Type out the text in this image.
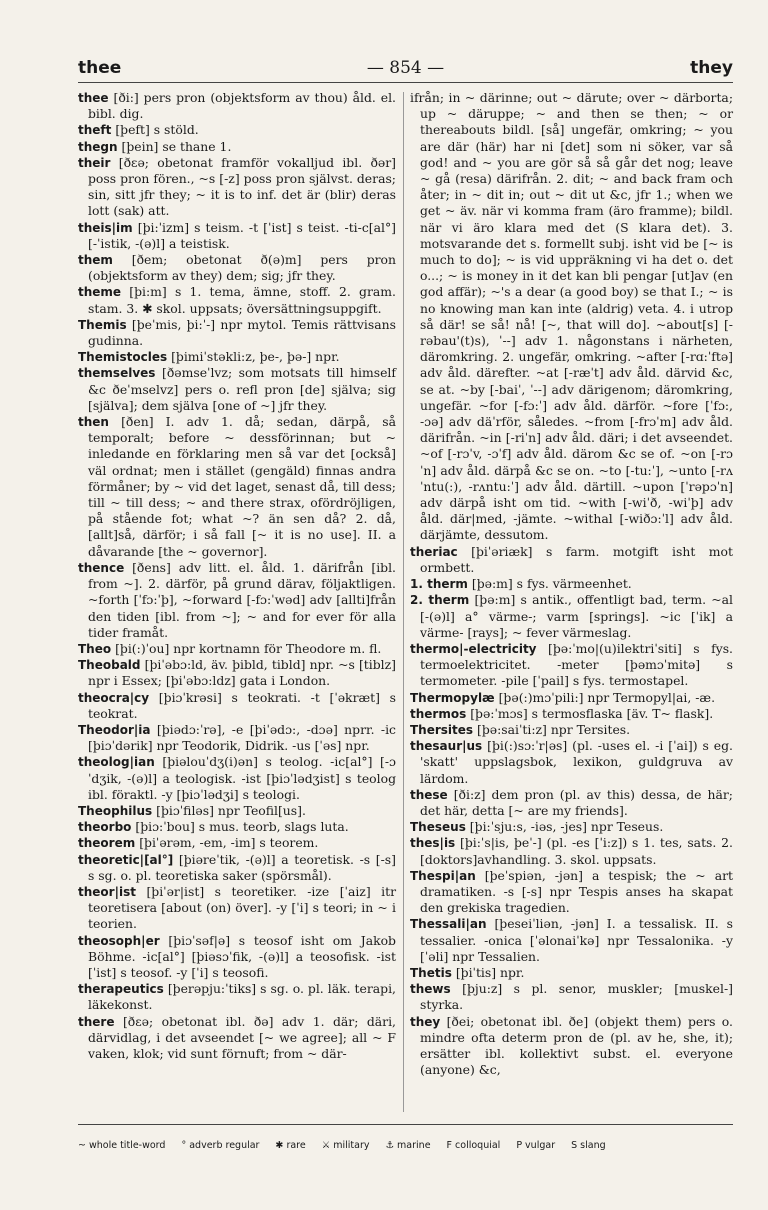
thee	— 854 —	they

thee [ði:] pers pron (objektsform av thou) åld. el. bibl. dig.

theft [þeft] s stöld.

thegn [þein] se thane 1.

their [ðɛə; obetonat framför vokalljud ibl. ðər] poss pron fören., ~s [-z] poss pron självst. deras; sin, sitt jfr they; ~ it is to inf. det är (blir) deras lott (sak) att.

theis|im [þi:ˈizm] s teism. -t [ˈist] s teist. -ti-c[al°] [-ˈistik, -(ə)l] a teistisk.

them [ðem; obetonat ð(ə)m] pers pron (objektsform av they) dem; sig; jfr they.

theme [þi:m] s 1. tema, ämne, stoff. 2. gram. stam. 3. ✱ skol. uppsats; översättningsuppgift.

Themis [þeˈmis, þi:ˈ-] npr mytol. Temis rättvisans gudinna.

Themistocles [þimiˈstəkli:z, þe-, þə-] npr.

themselves [ðəmseˈlvz; som motsats till himself &c ðeˈmselvz] pers o. refl pron [de] själva; sig [själva]; dem själva [one of ~] jfr they.

then [ðen] I. adv 1. då; sedan, därpå, så temporalt; before ~ dessförinnan; but ~ inledande en förklaring men så var det [också] väl ordnat; men i stället (gengäld) finnas andra förmåner; by ~ vid det laget, senast då, till dess; till ~ till dess; ~ and there strax, ofördröjligen, på stående fot; what ~? än sen då? 2. då, [allt]så, därför; i så fall [~ it is no use]. II. a dåvarande [the ~ governor].

thence [ðens] adv litt. el. åld. 1. därifrån [ibl. from ~]. 2. därför, på grund därav, följaktligen. ~forth [ˈfɔ:ˈþ], ~forward [-fɔ:ˈwəd] adv [allti]från den tiden [ibl. from ~]; ~ and for ever för alla tider framåt.

Theo [þi(:)ˈou] npr kortnamn för Theodore m. fl.

Theobald [þiˈəbɔ:ld, äv. þibld, tibld] npr. ~s [tiblz] npr i Essex; [þiˈəbɔ:ldz] gata i London.

theocra|cy [þiɔˈkrəsi] s teokrati. -t [ˈəkræt] s teokrat.

Theodor|ia [þiədɔ:ˈrə], -e [þiˈədɔ:, -dɔə] nprr. -ic [þiɔˈdərik] npr Teodorik, Didrik. -us [ˈəs] npr.

theolog|ian [þiəlouˈdʒ(i)ən] s teolog. -ic[al°] [-ɔˈdʒik, -(ə)l] a teologisk. -ist [þiɔˈlədʒist] s teolog ibl. föraktl. -y [þiɔˈlədʒi] s teologi.

Theophilus [þiɔˈfiləs] npr Teofil[us].

theorbo [þiɔ:ˈbou] s mus. teorb, slags luta.

theorem [þiˈərəm, -em, -im] s teorem.

theoretic|[al°] [þiəreˈtik, -(ə)l] a teoretisk. -s [-s] s sg. o. pl. teoretiska saker (spörsmål).

theor|ist [þiˈər|ist] s teoretiker. -ize [ˈaiz] itr teoretisera [about (on) över]. -y [ˈi] s teori; in ~ i teorien.

theosoph|er [þiɔˈsəf|ə] s teosof isht om Jakob Böhme. -ic[al°] [þiəsɔˈfik, -(ə)l] a teosofisk. -ist [ˈist] s teosof. -y [ˈi] s teosofi.

therapeutics [þerəpju:ˈtiks] s sg. o. pl. läk. terapi, läkekonst.

there [ðɛə; obetonat ibl. ðə] adv 1. där; däri, därvidlag, i det avseendet [~ we agree]; all ~ F vaken, klok; vid sunt förnuft; from ~ där-

ifrån; in ~ därinne; out ~ därute; over ~ därborta; up ~ däruppe; ~ and then se then; ~ or thereabouts bildl. [så] ungefär, omkring; ~ you are där (här) har ni [det] som ni söker, var så god! and ~ you are gör så så går det nog; leave ~ gå (resa) därifrån. 2. dit; ~ and back fram och åter; in ~ dit in; out ~ dit ut &c, jfr 1.; when we get ~ äv. när vi komma fram (äro framme); bildl. när vi äro klara med det (S klara det). 3. motsvarande det s. formellt subj. isht vid be [~ is much to do]; ~ is vid uppräkning vi ha det o. det o...; ~ is money in it det kan bli pengar [ut]av (en god affär); ~'s a dear (a good boy) se that I.; ~ is no knowing man kan inte (aldrig) veta. 4. i utrop så där! se så! nå! [~, that will do]. ~about[s] [-rəbau'(t)s), ˈ--] adv 1. någonstans i närheten, däromkring. 2. ungefär, omkring. ~after [-rɑ:ˈftə] adv åld. därefter. ~at [-ræˈt] adv åld. därvid &c, se at. ~by [-baiˈ, ˈ--] adv därigenom; däromkring, ungefär. ~for [-fɔ:ˈ] adv åld. därför. ~fore [ˈfɔ:, -ɔə] adv däˈrför, således. ~from [-frɔˈm] adv åld. därifrån. ~in [-riˈn] adv åld. däri; i det avseendet. ~of [-rɔˈv, -ɔˈf] adv åld. därom &c se of. ~on [-rɔˈn] adv åld. därpå &c se on. ~to [-tu:ˈ], ~unto [-rʌˈntu(:), -rʌntu:ˈ] adv åld. därtill. ~upon [ˈrəpɔˈn] adv därpå isht om tid. ~with [-wiˈð, -wiˈþ] adv åld. där|med, -jämte. ~withal [-wiðɔ:ˈl] adv åld. därjämte, dessutom.

theriac [þiˈəriæk] s farm. motgift isht mot ormbett.

1. therm [þə:m] s fys. värmeenhet.

2. therm [þə:m] s antik., offentligt bad, term. ~al [-(ə)l] a° värme-; varm [springs]. ~ic [ˈik] a värme- [rays]; ~ fever värmeslag.

thermo|-electricity [þə:ˈmo|(u)ilektriˈsiti] s fys. termoelektricitet. -meter [þəmɔˈmitə] s termometer. -pile [ˈpail] s fys. termostapel.

Thermopylæ [þə(:)mɔˈpili:] npr Termopyl|ai, -æ.

thermos [þə:ˈmɔs] s termosflaska [äv. T~ flask].

Thersites [þə:saiˈti:z] npr Tersites.

thesaur|us [þi(:)sɔ:ˈr|əs] (pl. -uses el. -i [ˈai]) s eg. 'skatt' uppslagsbok, lexikon, guldgruva av lärdom.

these [ði:z] dem pron (pl. av this) dessa, de här; det här, detta [~ are my friends].

Theseus [þi:ˈsju:s, -iəs, -jes] npr Teseus.

thes|is [þi:ˈs|is, þeˈ-] (pl. -es [ˈi:z]) s 1. tes, sats. 2. [doktors]avhandling. 3. skol. uppsats.

Thespi|an [þeˈspiən, -jən] a tespisk; the ~ art dramatiken. -s [-s] npr Tespis anses ha skapat den grekiska tragedien.

Thessali|an [þeseiˈliən, -jən] I. a tessalisk. II. s tessalier. -onica [ˈəlonaiˈkə] npr Tessalonika. -y [ˈəli] npr Tessalien.

Thetis [þiˈtis] npr.

thews [þju:z] s pl. senor, muskler; [muskel-] styrka.

they [ðei; obetonat ibl. ðe] (objekt them) pers o. mindre ofta determ pron de (pl. av he, she, it); ersätter ibl. kollektivt subst. el. everyone (anyone) &c,

~ whole title-word ° adverb regular ✱ rare ⚔ military ⚓ marine F colloquial P vulgar S slang
